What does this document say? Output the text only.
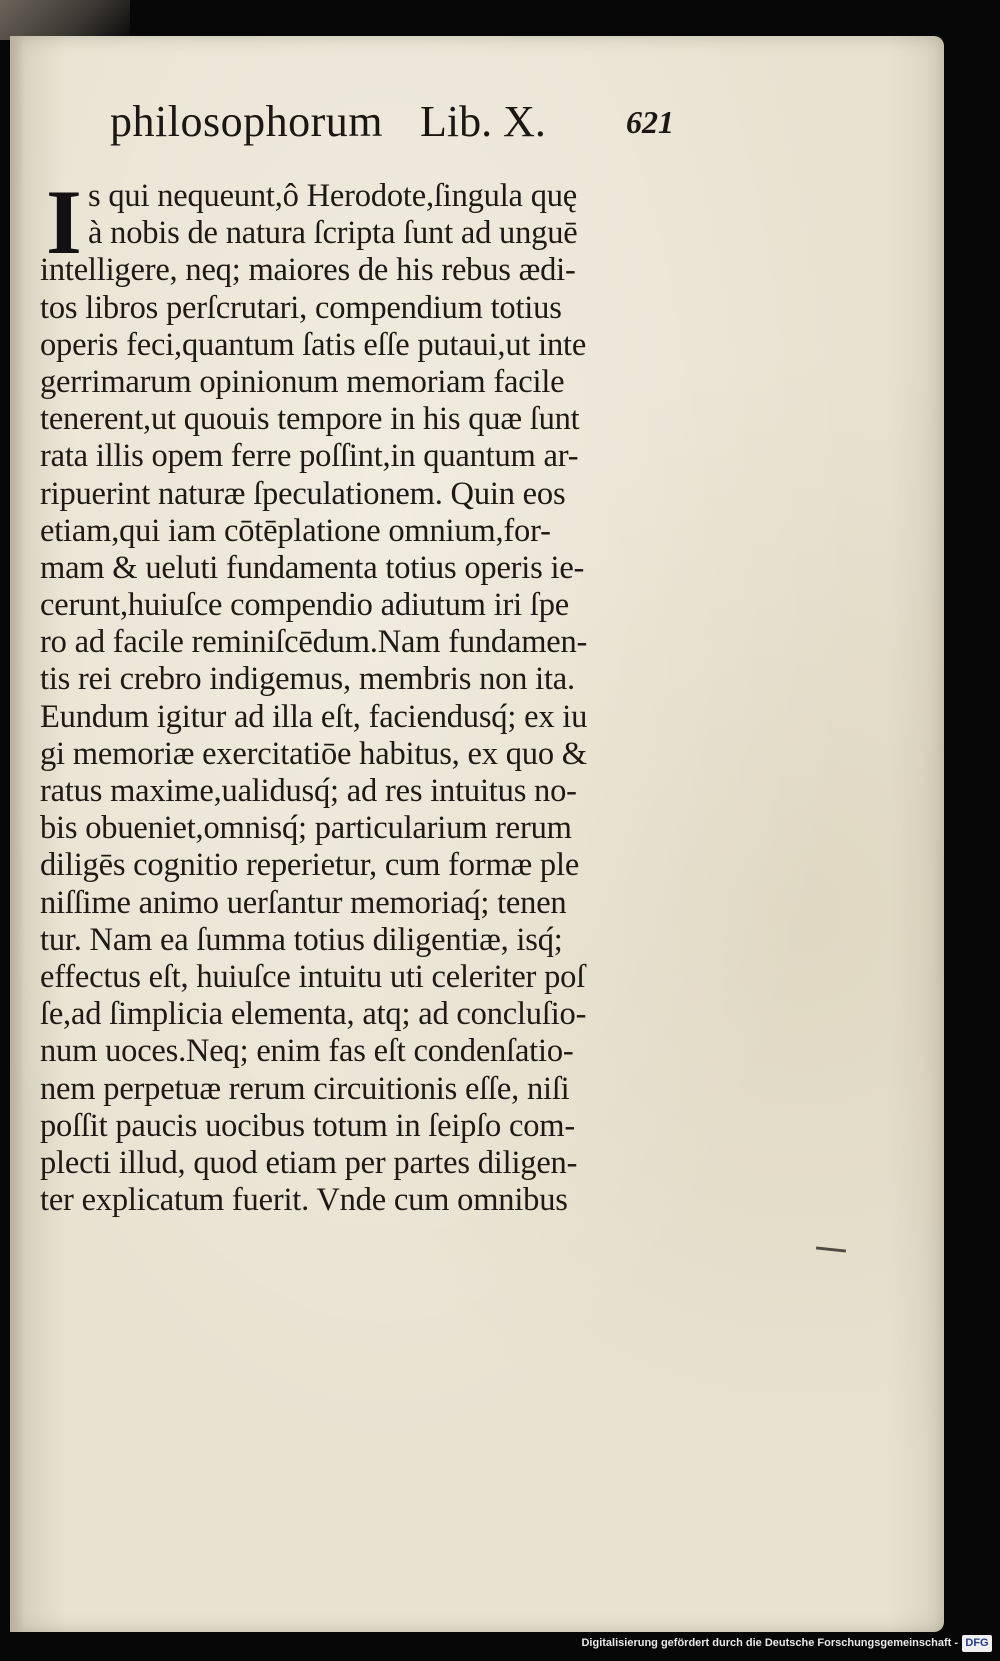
philosophorum Lib. X.	621
I s qui nequeunt,ô Herodote,ſingula quę
à nobis de natura ſcripta ſunt ad unguē
intelligere, neq; maiores de his rebus ædi-
tos libros perſcrutari, compendium totius
operis feci,quantum ſatis eſſe putaui,ut inte
gerrimarum opinionum memoriam facile
tenerent,ut quouis tempore in his quæ ſunt
rata illis opem ferre poſſint,in quantum ar-
ripuerint naturæ ſpeculationem. Quin eos
etiam,qui iam cōtēplatione omnium,for-
mam & ueluti fundamenta totius operis ie-
cerunt,huiuſce compendio adiutum iri ſpe
ro ad facile reminiſcēdum.Nam fundamen-
tis rei crebro indigemus, membris non ita.
Eundum igitur ad illa eſt, faciendusq́; ex iu
gi memoriæ exercitatiōe habitus, ex quo &
ratus maxime,ualidusq́; ad res intuitus no-
bis obueniet,omnisq́; particularium rerum
diligēs cognitio reperietur, cum formæ ple
niſſime animo uerſantur memoriaq́; tenen
tur. Nam ea ſumma totius diligentiæ, isq́;
effectus eſt, huiuſce intuitu uti celeriter poſ
ſe,ad ſimplicia elementa, atq; ad concluſio-
num uoces.Neq; enim fas eſt condenſatio-
nem perpetuæ rerum circuitionis eſſe, niſi
poſſit paucis uocibus totum in ſeipſo com-
plecti illud, quod etiam per partes diligen-
ter explicatum fuerit. Vnde cum omnibus
Digitalisierung gefördert durch die Deutsche Forschungsgemeinschaft - DFG
